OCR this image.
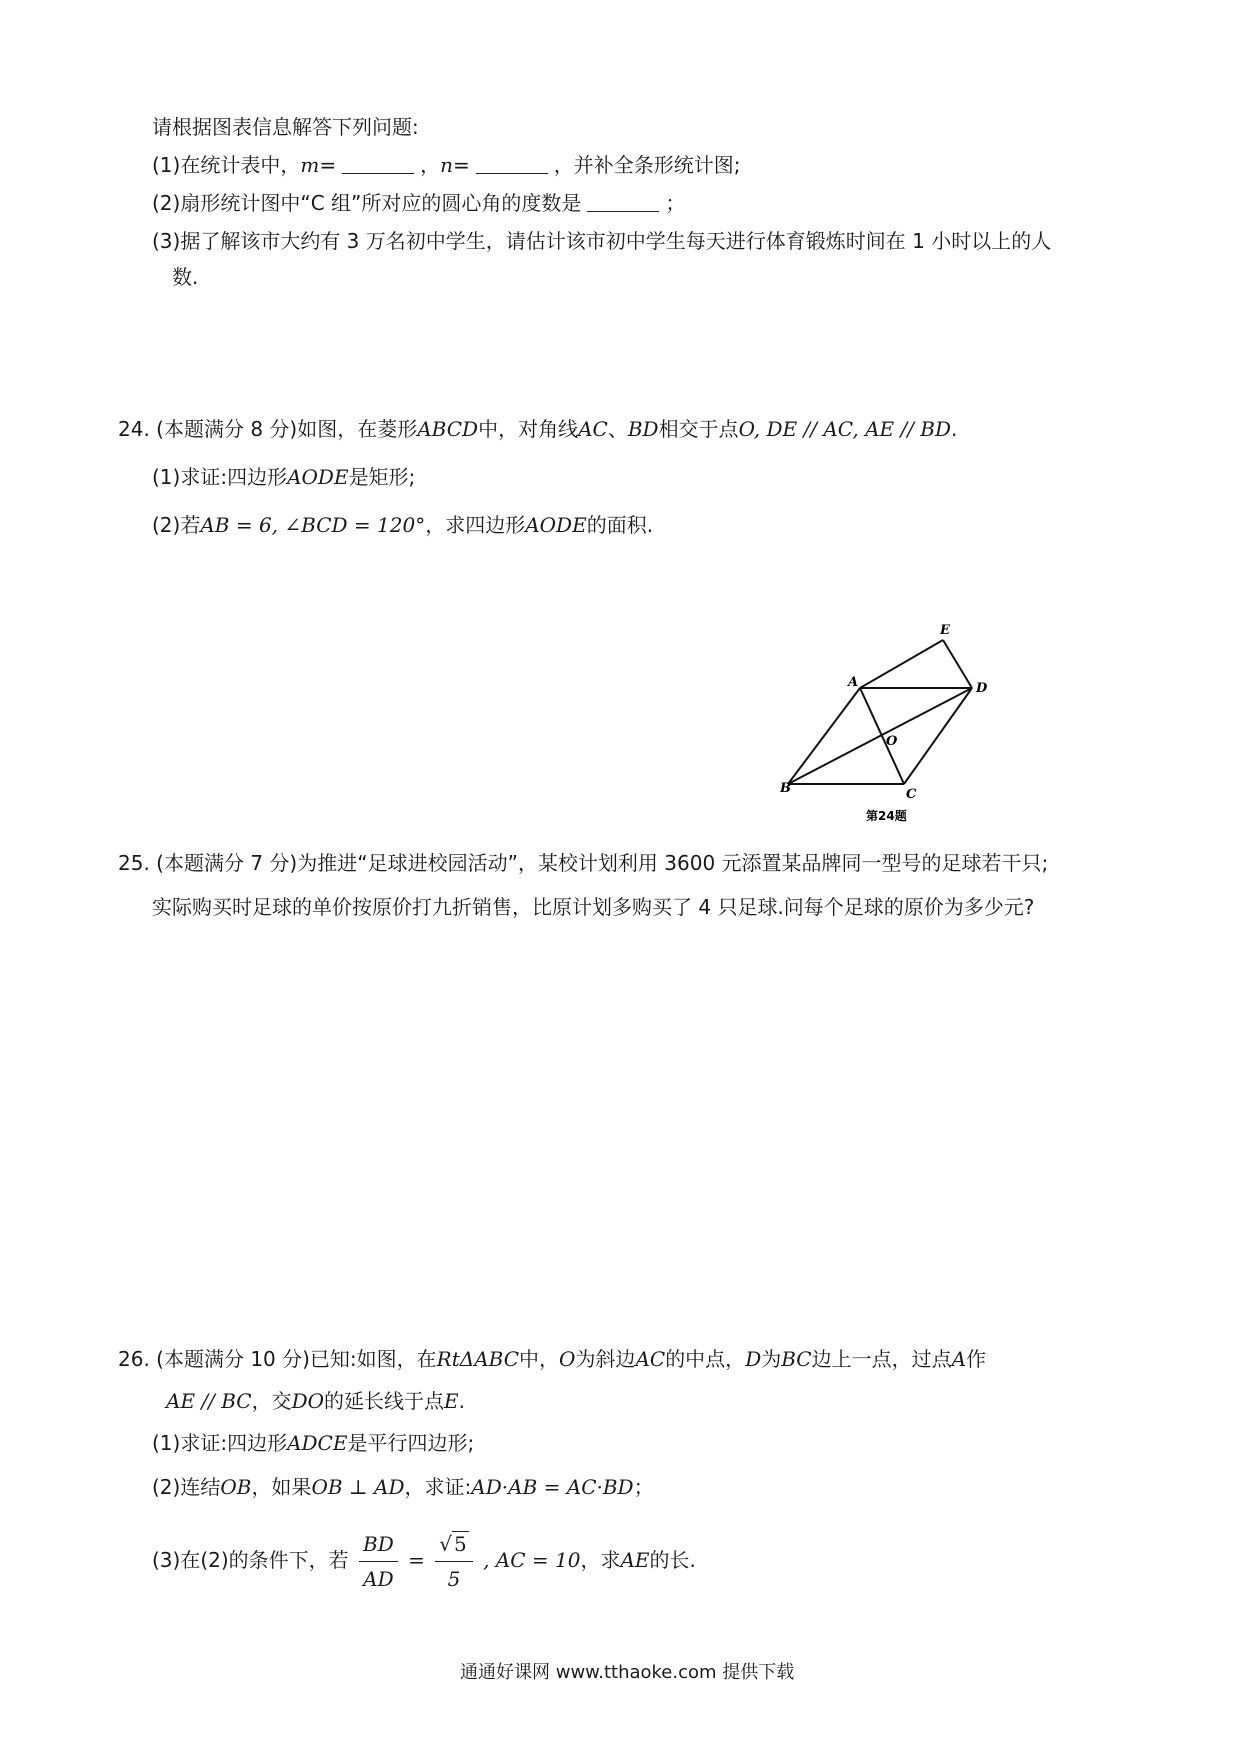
请根据图表信息解答下列问题:
(1)在统计表中，m=	，n=	，并补全条形统计图;
(2)扇形统计图中“C 组”所对应的圆心角的度数是	；
(3)据了解该市大约有 3 万名初中学生，请估计该市初中学生每天进行体育锻炼时间在 1 小时以上的人
数.
24. (本题满分 8 分)如图，在菱形ABCD中，对角线AC、BD相交于点O, DE // AC, AE // BD.
(1)求证:四边形AODE是矩形;
(2)若AB = 6, ∠BCD = 120°，求四边形AODE的面积.
E
A	D
O
B	C
第24题
25. (本题满分 7 分)为推进“足球进校园活动”，某校计划利用 3600 元添置某品牌同一型号的足球若干只;
实际购买时足球的单价按原价打九折销售，比原计划多购买了 4 只足球.问每个足球的原价为多少元?
26. (本题满分 10 分)已知:如图，在RtΔABC中，O为斜边AC的中点，D为BC边上一点，过点A作
AE // BC，交DO的延长线于点E.
(1)求证:四边形ADCE是平行四边形;
(2)连结OB，如果OB ⊥ AD，求证:AD·AB = AC·BD；
(3)在(2)的条件下，若 $\frac{BD}{AD} = \frac{√ 5}{5}$ , AC = 10，求AE的长.
通通好课网 www.tthaoke.com 提供下载
